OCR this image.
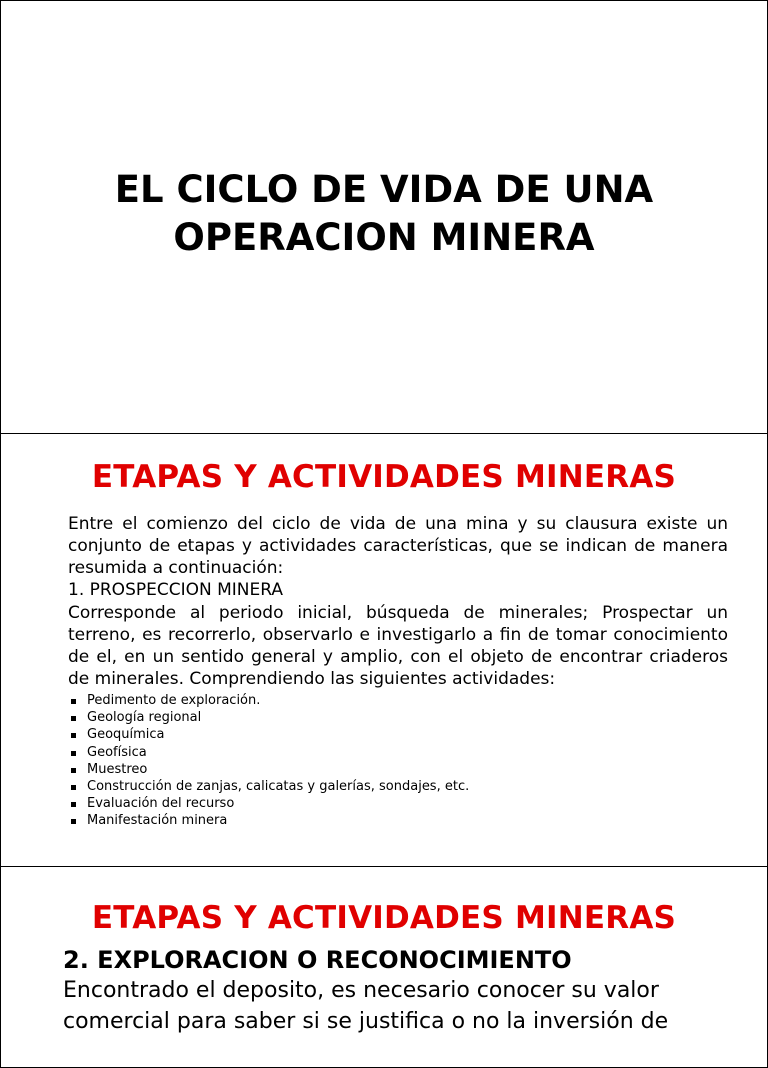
EL CICLO DE VIDA DE UNA
OPERACION MINERA
ETAPAS Y ACTIVIDADES MINERAS

Entre el comienzo del ciclo de vida de una mina y su clausura existe un conjunto de etapas y actividades características, que se indican de manera resumida a continuación:

1. PROSPECCION MINERA

Corresponde al periodo inicial, búsqueda de minerales; Prospectar un terreno, es recorrerlo, observarlo e investigarlo a fin de tomar conocimiento de el, en un sentido general y amplio, con el objeto de encontrar criaderos de minerales. Comprendiendo las siguientes actividades:

Pedimento de exploración.
Geología regional
Geoquímica
Geofísica
Muestreo
Construcción de zanjas, calicatas y galerías, sondajes, etc.
Evaluación del recurso
Manifestación minera
ETAPAS Y ACTIVIDADES MINERAS
2. EXPLORACION O RECONOCIMIENTO

Encontrado el deposito, es necesario conocer su valor

comercial para saber si se justifica o no la inversión de
